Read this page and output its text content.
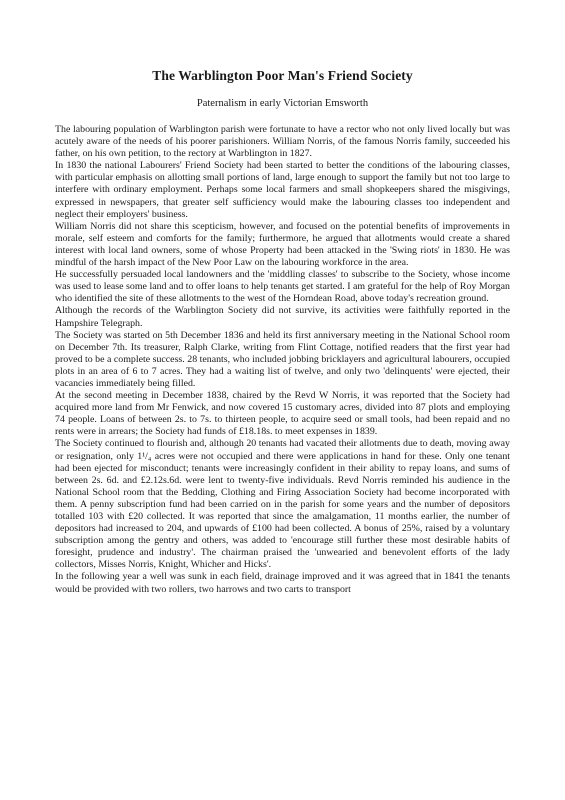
The Warblington Poor Man's Friend Society
Paternalism in early Victorian Emsworth

The labouring population of Warblington parish were fortunate to have a rector who not only lived locally but was acutely aware of the needs of his poorer parishioners. William Norris, of the famous Norris family, succeeded his father, on his own petition, to the rectory at Warblington in 1827.

In 1830 the national Labourers' Friend Society had been started to better the conditions of the labouring classes, with particular emphasis on allotting small portions of land, large enough to support the family but not too large to interfere with ordinary employment. Perhaps some local farmers and small shopkeepers shared the misgivings, expressed in newspapers, that greater self sufficiency would make the labouring classes too independent and neglect their employers' business.

William Norris did not share this scepticism, however, and focused on the potential benefits of improvements in morale, self esteem and comforts for the family; furthermore, he argued that allotments would create a shared interest with local land owners, some of whose Property had been attacked in the 'Swing riots' in 1830. He was mindful of the harsh impact of the New Poor Law on the labouring workforce in the area.

He successfully persuaded local landowners and the 'middling classes' to subscribe to the Society, whose income was used to lease some land and to offer loans to help tenants get started. I am grateful for the help of Roy Morgan who identified the site of these allotments to the west of the Horndean Road, above today's recreation ground.

Although the records of the Warblington Society did not survive, its activities were faithfully reported in the Hampshire Telegraph.

The Society was started on 5th December 1836 and held its first anniversary meeting in the National School room on December 7th. Its treasurer, Ralph Clarke, writing from Flint Cottage, notified readers that the first year had proved to be a complete success. 28 tenants, who included jobbing bricklayers and agricultural labourers, occupied plots in an area of 6 to 7 acres. They had a waiting list of twelve, and only two 'delinquents' were ejected, their vacancies immediately being filled.

At the second meeting in December 1838, chaired by the Revd W Norris, it was reported that the Society had acquired more land from Mr Fenwick, and now covered 15 customary acres, divided into 87 plots and employing 74 people. Loans of between 2s. to 7s. to thirteen people, to acquire seed or small tools, had been repaid and no rents were in arrears; the Society had funds of £18.18s. to meet expenses in 1839.

The Society continued to flourish and, although 20 tenants had vacated their allotments due to death, moving away or resignation, only 1¹/₄ acres were not occupied and there were applications in hand for these. Only one tenant had been ejected for misconduct; tenants were increasingly confident in their ability to repay loans, and sums of between 2s. 6d. and £2.12s.6d. were lent to twenty-five individuals. Revd Norris reminded his audience in the National School room that the Bedding, Clothing and Firing Association Society had become incorporated with them. A penny subscription fund had been carried on in the parish for some years and the number of depositors totalled 103 with £20 collected. It was reported that since the amalgamation, 11 months earlier, the number of depositors had increased to 204, and upwards of £100 had been collected. A bonus of 25%, raised by a voluntary subscription among the gentry and others, was added to 'encourage still further these most desirable habits of foresight, prudence and industry'. The chairman praised the 'unwearied and benevolent efforts of the lady collectors, Misses Norris, Knight, Whicher and Hicks'.

In the following year a well was sunk in each field, drainage improved and it was agreed that in 1841 the tenants would be provided with two rollers, two harrows and two carts to transport
